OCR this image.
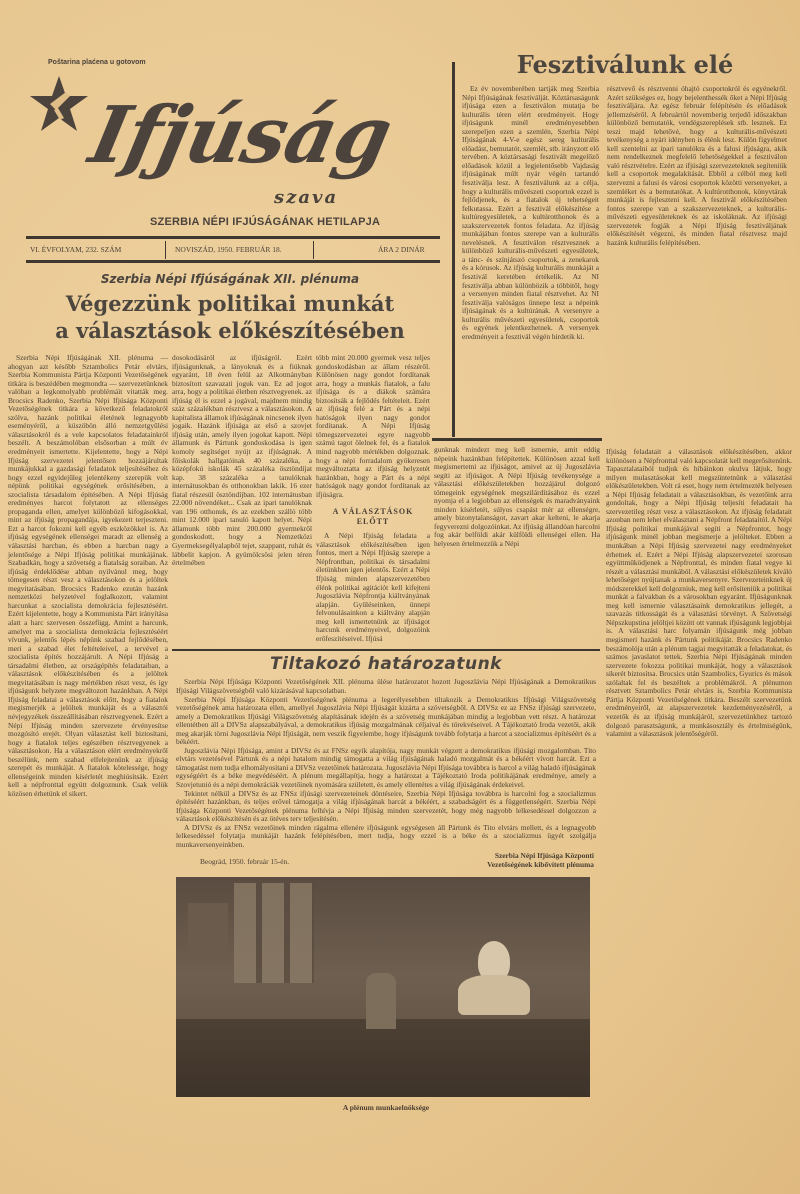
Poštarina plaćena u gotovom
Ifjúság
szava
SZERBIA NÉPI IFJÚSÁGÁNAK HETILAPJA
VI. ÉVFOLYAM, 232. SZÁM	NOVISZÁD, 1950. FEBRUÁR 18.	ÁRA 2 DINÁR
Fesztiválunk elé

Ez év novemberében tartják meg Szerbia Népi Ifjúságának fesztiválját. Köztársaságunk ifjúsága ezen a fesztiválon mutatja be kulturális téren elért eredményeit. Hogy ifjúságunk minél eredményesebben szerepeljen ezen a szemlén, Szerbia Népi Ifjúságának 4-V-e egész sereg kulturális előadást, bemutatót, szemlét, stb. irányzott elő tervében. A köztársasági fesztivált megelőző előadások közül a legjelentősebb Vajdaság ifjúságának múlt nyár végén tartandó fesztiválja lesz. A fesztiválunk az a célja, hogy a kulturális művészeti csoportok ezzel is fejlődjenek, és a fiatalok új tehetségeit felkutassa. Ezért a fesztivál előkészítése a kultúregyesületek, a kultúrotthonok és a szakszervezetek fontos feladata. Az ifjúság munkájában fontos szerepe van a kulturális nevelésnek. A fesztiválon résztvesznek a különböző kulturális-művészeti egyesületek, a tánc- és színjátszó csoportok, a zenekarok és a kórusok. Az ifjúság kulturális munkáját a fesztivál keretében értékelik. Az NI fesztiválja abban különbözik a többitől, hogy a versenyen minden fiatal résztvehet. Az NI fesztiválja valóságos ünnepe lesz a népeink ifjúságának és a kultúrának. A versenyre a kulturális művészeti egyesületek, csoportok és egyének jelentkezhetnek. A versenyek eredményeit a fesztivál végén hirdetik ki.

résztvevő és résztvenni óhajtó csoportokról és egyénekről. Azért szükséges ez, hogy bejelenthessék őket a Népi Ifjúság fesztiváljára. Az egész február felépítésén és előadások jellemzéséről. A februártól novemberig terjedő időszakban különböző bemutatók, vendégszereplések stb. lesznek. Ez teszi majd lehetővé, hogy a kulturális-művészeti tevékenység a nyári idényben is élénk lesz. Külön figyelmet kell szentelni az ipari tanulókra és a falusi ifjúságra, akik nem rendelkeznek megfelelő lehetőségekkel a fesztiválon való résztvételre. Ezért az ifjúsági szervezeteknek segíteniük kell a csoportok megalakítását. Ebből a célból meg kell szervezni a falusi és városi csoportok közötti versenyeket, a szemléket és a bemutatókat. A kultúrotthonok, könyvtárak munkáját is fejleszteni kell. A fesztivál előkészítésében fontos szerepe van a szakszervezeteknek, a kulturális-művészeti egyesületeknek és az iskoláknak. Az ifjúsági szervezetek fogják a Népi Ifjúság fesztiváljának előkészítését végezni, és minden fiatal résztvesz majd hazánk kulturális felépítésében.

Szerbia Népi Ifjúságának XII. plénuma
Végezzünk politikai munkát
a választások előkészítésében

Szerbia Népi Ifjúságának XII. plénuma — ahogyan azt később Sztambolics Petár elvtárs, Szerbia Kommunista Pártja Központi Vezetőségének titkára is beszédében megmondta — szervezetünknek valóban a legkomolyabb problémáit vitatták meg. Brocsics Radenko, Szerbia Népi Ifjúsága Központi Vezetőségének titkára a következő feladatokról szólva, hazánk politikai életének legnagyobb eseményéről, a küszöbön álló nemzetgyűlési választásokról és a vele kapcsolatos feladatainkról beszélt. A beszámolóban elsősorban a múlt év eredményeit ismertette. Kijelentette, hogy a Népi Ifjúság szervezetei jelentősen hozzájárultak munkájukkal a gazdasági feladatok teljesítéséhez és hogy ezzel egyidejűleg jelentékeny szerepük volt népünk politikai egységének erősítésében, a szocialista társadalom építésében. A Népi Ifjúság eredményes harcot folytatott az ellenséges propaganda ellen, amelyet különböző kifogásokkal, mint az ifjúság propagandája, igyekezett terjeszteni. Ezt a harcot fokozni kell egyéb eszközökkel is. Az ifjúság egységének ellenségei maradt az ellenség a választási harcban, és ebben a harcban nagy a jelentősége a Népi Ifjúság politikai munkájának. Szabadkán, hogy a szövetség a fiatalság soraiban. Az ifjúság érdeklődése abban nyilvánul meg, hogy tömegesen részt vesz a választásokon és a jelöltek megvitatásában. Brocsics Radenko ezután hazánk nemzetközi helyzetével foglalkozott, valamint harcunkat a szocialista demokrácia fejlesztéséért. Ezért kijelentette, hogy a Kommunista Párt irányítása alatt a harc szervesen összefügg. Amint a harcunk, amelyet ma a szocialista demokrácia fejlesztéséért vívunk, jelentős lépés népünk szabad fejlődésében, meri a szabad élet feltételeivel, a tervével a szocialista építés hozzájárult. A Népi Ifjúság a társadalmi életben, az országépítés feladataiban, a választások előkészítésében és a jelöltek megvitatásában is nagy mértékben részt vesz, és így ifjúságunk helyzete megváltozott hazánkban. A Népi Ifjúság feladatai a választások előtt, hogy a fiatalok megismerjék a jelöltek munkáját és a választói névjegyzékek összeállításában résztvegyenek. Ezért a Népi Ifjúság minden szervezete érvényesítse mozgósító erejét. Olyan választást kell biztosítani, hogy a fiatalok teljes egészében résztvegyenek a választásokon. Ha a választáson elért eredményekről beszélünk, nem szabad elfelejtenünk az ifjúság szerepét és munkáját. A fiatalok kötelessége, hogy ellenségeink minden kísérletét meghiúsítsák. Ezért kell a népfronttal együtt dolgoznunk. Csak velük közösen érhetünk el sikert.

Ifjúság feladatait a választások előkészítésében, akkor különösen a Népfronttal való kapcsolatát kell megerősítenünk. Tapasztalataiból tudjuk és hibáinkon okulva látjuk, hogy milyen mulasztásokat kell megszüntetnünk a választási előkészületekben. Volt rá eset, hogy nem értelmezték helyesen a Népi Ifjúság feladatait a választásokban, és vezetőink arra gondoltak, hogy a Népi Ifjúság teljesíti feladatait ha szervezetileg részt vesz a választásokon. Az ifjúság feladatait azonban nem lehet elválasztani a Népfront feladataitól. A Népi Ifjúság politikai munkájával segíti a Népfrontot, hogy ifjúságunk minél jobban megismerje a jelölteket. Ebben a munkában a Népi Ifjúság szervezetei nagy eredményeket érhetnek el. Ezért a Népi Ifjúság alapszervezetei szorosan együttműködjenek a Népfronttal, és minden fiatal vegye ki részét a választási munkából. A választási előkészületek kiváló lehetőséget nyújtanak a munkaversenyre. Szervezeteinknek új módszerekkel kell dolgozniuk, meg kell erősíteniük a politikai munkát a falvakban és a városokban egyaránt. Ifjúságunknak meg kell ismernie választásaink demokratikus jellegét, a szavazás titkosságát és a választási törvényt. A Szövetségi Népszkupstina jelöltjei között ott vannak ifjúságunk legjobbjai is. A választási harc folyamán ifjúságunk még jobban megismeri hazánk és Pártunk politikáját. Brocsics Radenko beszámolója után a plénum tagjai megvitatták a feladatokat, és számos javaslatot tettek. Szerbia Népi Ifjúságának minden szervezete fokozza politikai munkáját, hogy a választások sikerét biztosítsa. Brocsics után Szambolics, Gyurics és mások szólaltak fel és beszéltek a problémákról. A plénumon résztvett Sztambolics Petár elvtárs is, Szerbia Kommunista Pártja Központi Vezetőségének titkára. Beszélt szervezetünk eredményeiről, az alapszervezetek kezdeményezéséről, a vezetők és az ifjúság munkájáról, szervezetünkhez tartozó dolgozó parasztságunk, a munkásosztály és értelmiségünk, valamint a választások jelentőségéről.

dosokodásáról az ifjúságról. Ezért ifjúságunknak, a lányoknak és a fiúknak egyaránt, 18 éven felül az Alkotmányban biztosított szavazati joguk van. Ez ad jogot arra, hogy a politikai életben résztvegyenek. az ifjúság él is ezzel a jogával, majdnem mindig száz százalékban résztvesz a választásokon. A kapitalista államok ifjúságának nincsenek ilyen jogaik. Hazánk ifjúsága az első a szovjet ifjúság után, amely ilyen jogokat kapott. Népi államunk és Pártunk gondoskodása is igen komoly segítséget nyújt az ifjúságnak. A főiskolák hallgatóinak 40 százaléka, a középfokú iskolák 45 százaléka ösztöndíjat kap. 38 százaléka a tanulóknak internátusokban és otthonokban lakik. 16 ezer fiatal részesül ösztöndíjban. 102 internátusban 22.000 növendéket... Csak az ipari tanulóknak van 196 otthonuk, és az ezekben szálló több mint 12.000 ipari tanuló kapott helyet. Népi államunk több mint 200.000 gyermekről gondoskodott, hogy a Nemzetközi Gyermeksegélyalapból tejet, szappant, ruhát és lábbelit kapjon. A gyümölcsösi jelen téren értelmében

több mint 20.000 gyermek vesz teljes gondoskodásban az állam részéről. Különösen nagy gondot fordítanak arra, hogy a munkás fiatalok, a falu ifjúsága és a diákok számára biztosítsák a fejlődés feltételeit. Ezért az ifjúság felé a Párt és a népi hatóságok ilyen nagy gondot fordítanak. A Népi Ifjúság tömegszervezetei egyre nagyobb számú tagot ölelnek fel, és a fiatalok mind nagyobb mértékben dolgoznak. hogy a népi forradalom gyökeresen megváltoztatta az ifjúság helyzetét hazánkban, hogy a Párt és a népi hatóságok nagy gondot fordítanak az ifjúságra.

A VÁLASZTÁSOK ELŐTT

A Népi Ifjúság feladata a választások előkészítésében igen fontos, mert a Népi Ifjúság szerepe a Népfrontban, politikai és társadalmi életünkben igen jelentős. Ezért a Népi Ifjúság minden alapszervezetében élénk politikai agitációt kell kifejteni Jugoszlávia Népfrontja kiáltványának alapján. Gyűléseinken, ünnepi felvonulásainkon a kiáltvány alapján meg kell ismertetnünk az ifjúságot harcunk eredményeivel, dolgozóink erőfeszítéseivel. Ifjúsá

gunknak mindezt meg kell ismernie, amit eddig népeink hazánkban felépítettek. Különösen azzal kell megismertetni az ifjúságot, amivel az új Jugoszlávia segíti az ifjúságot. A Népi Ifjúság tevékenysége a választási előkészületekben hozzájárul dolgozó tömegeink egységének megszilárdításához és ezzel nyomja el a legjobban az ellenségek és maradványaink minden kísérletét, súlyos csapást mér az ellenségre, amely bizonytalanságot, zavart akar kelteni, le akarja fegyverezni dolgozóinkat. Az ifjúság állandóan harcolni fog akár belföldi akár külföldi ellenségei ellen. Ha helyesen értelmezzük a Népi

Tiltakozó határozatunk

Szerbia Népi Ifjúsága Központi Vezetőségének XII. plénuma ülése határozatot hozott Jugoszlávia Népi Ifjúságának a Demokratikus Ifjúsági Világszövetségből való kizárásával kapcsolatban.

Szerbia Népi Ifjúsága Központi Vezetőségének plénuma a legerélyesebben tiltakozik a Demokratikus Ifjúsági Világszövetség vezetőségének ama határozata ellen, amellyel Jugoszlávia Népi Ifjúságát kizárta a szövetségből. A DIVSz ez az FNSz ifjúsági szervezete, amely a Demokratikus Ifjúsági Világszövetség alapításának idején és a szövetség munkájában mindig a legjobban vett részt. A határozat ellentétben áll a DIVSz alapszabályával, a demokratikus ifjúság mozgalmának céljaival és törekvéseivel. A Tájékoztató Iroda vezetői, akik meg akarják törni Jugoszlávia Népi Ifjúságát, nem veszik figyelembe, hogy ifjúságunk tovább folytatja a harcot a szocializmus építéséért és a békéért.

Jugoszlávia Népi Ifjúsága, amint a DIVSz és az FNSz egyik alapítója, nagy munkát végzett a demokratikus ifjúsági mozgalomban. Tito elvtárs vezetésével Pártunk és a népi hatalom mindig támogatta a világ ifjúságának haladó mozgalmát és a békéért vívott harcát. Ezt a támogatást nem tudja elhomályosítani a DIVSz vezetőinek határozata. Jugoszlávia Népi Ifjúsága továbbra is harcol a világ haladó ifjúságának egységéért és a béke megvédéséért. A plénum megállapítja, hogy a határozat a Tájékoztató Iroda politikájának eredménye, amely a Szovjetunió és a népi demokráciák vezetőinek nyomására született, és amely ellentétes a világ ifjúságának érdekeivel.

Tekintet nélkül a DIVSz és az FNSz ifjúsági szervezeteinek döntéseire, Szerbia Népi Ifjúsága továbbra is harcolni fog a szocializmus építéséért hazánkban, és teljes erővel támogatja a világ ifjúságának harcát a békéért, a szabadságért és a függetlenségért. Szerbia Népi Ifjúsága Központi Vezetőségének plénuma felhívja a Népi Ifjúság minden szervezetét, hogy még nagyobb lelkesedéssel dolgozzon a választások előkészítésén és az ötéves terv teljesítésén.

A DIVSz és az FNSz vezetőinek minden rágalma ellenére ifjúságunk egységesen áll Pártunk és Tito elvtárs mellett, és a legnagyobb lelkesedéssel folytatja munkáját hazánk felépítésében, mert tudja, hogy ezzel is a béke és a szocializmus ügyét szolgálja munkaversenyeinkben.

Beográd, 1950. február 15-én.
Szerbia Népi Ifjúsága Központi
Vezetőségének kibővített plénuma
A plénum munkaelnöksége
